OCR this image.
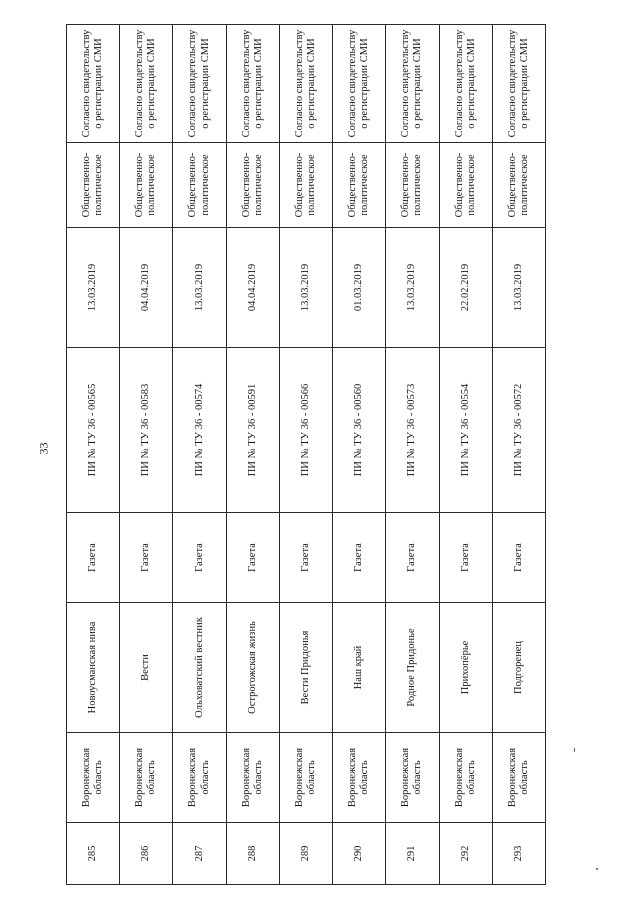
33
285	Воронежская область	Новоусманская нива	Газета	ПИ № ТУ 36 - 00565	13.03.2019	Общественно-политическое	Согласно свидетельству о регистрации СМИ
286	Воронежская область	Вести	Газета	ПИ № ТУ 36 - 00583	04.04.2019	Общественно-политическое	Согласно свидетельству о регистрации СМИ
287	Воронежская область	Ольховатский вестник	Газета	ПИ № ТУ 36 - 00574	13.03.2019	Общественно-политическое	Согласно свидетельству о регистрации СМИ
288	Воронежская область	Острогожская жизнь	Газета	ПИ № ТУ 36 - 00591	04.04.2019	Общественно-политическое	Согласно свидетельству о регистрации СМИ
289	Воронежская область	Вести Придонья	Газета	ПИ № ТУ 36 - 00566	13.03.2019	Общественно-политическое	Согласно свидетельству о регистрации СМИ
290	Воронежская область	Наш край	Газета	ПИ № ТУ 36 - 00560	01.03.2019	Общественно-политическое	Согласно свидетельству о регистрации СМИ
291	Воронежская область	Родное Придонье	Газета	ПИ № ТУ 36 - 00573	13.03.2019	Общественно-политическое	Согласно свидетельству о регистрации СМИ
292	Воронежская область	Прихопёрье	Газета	ПИ № ТУ 36 - 00554	22.02.2019	Общественно-политическое	Согласно свидетельству о регистрации СМИ
293	Воронежская область	Подгоренец	Газета	ПИ № ТУ 36 - 00572	13.03.2019	Общественно-политическое	Согласно свидетельству о регистрации СМИ
